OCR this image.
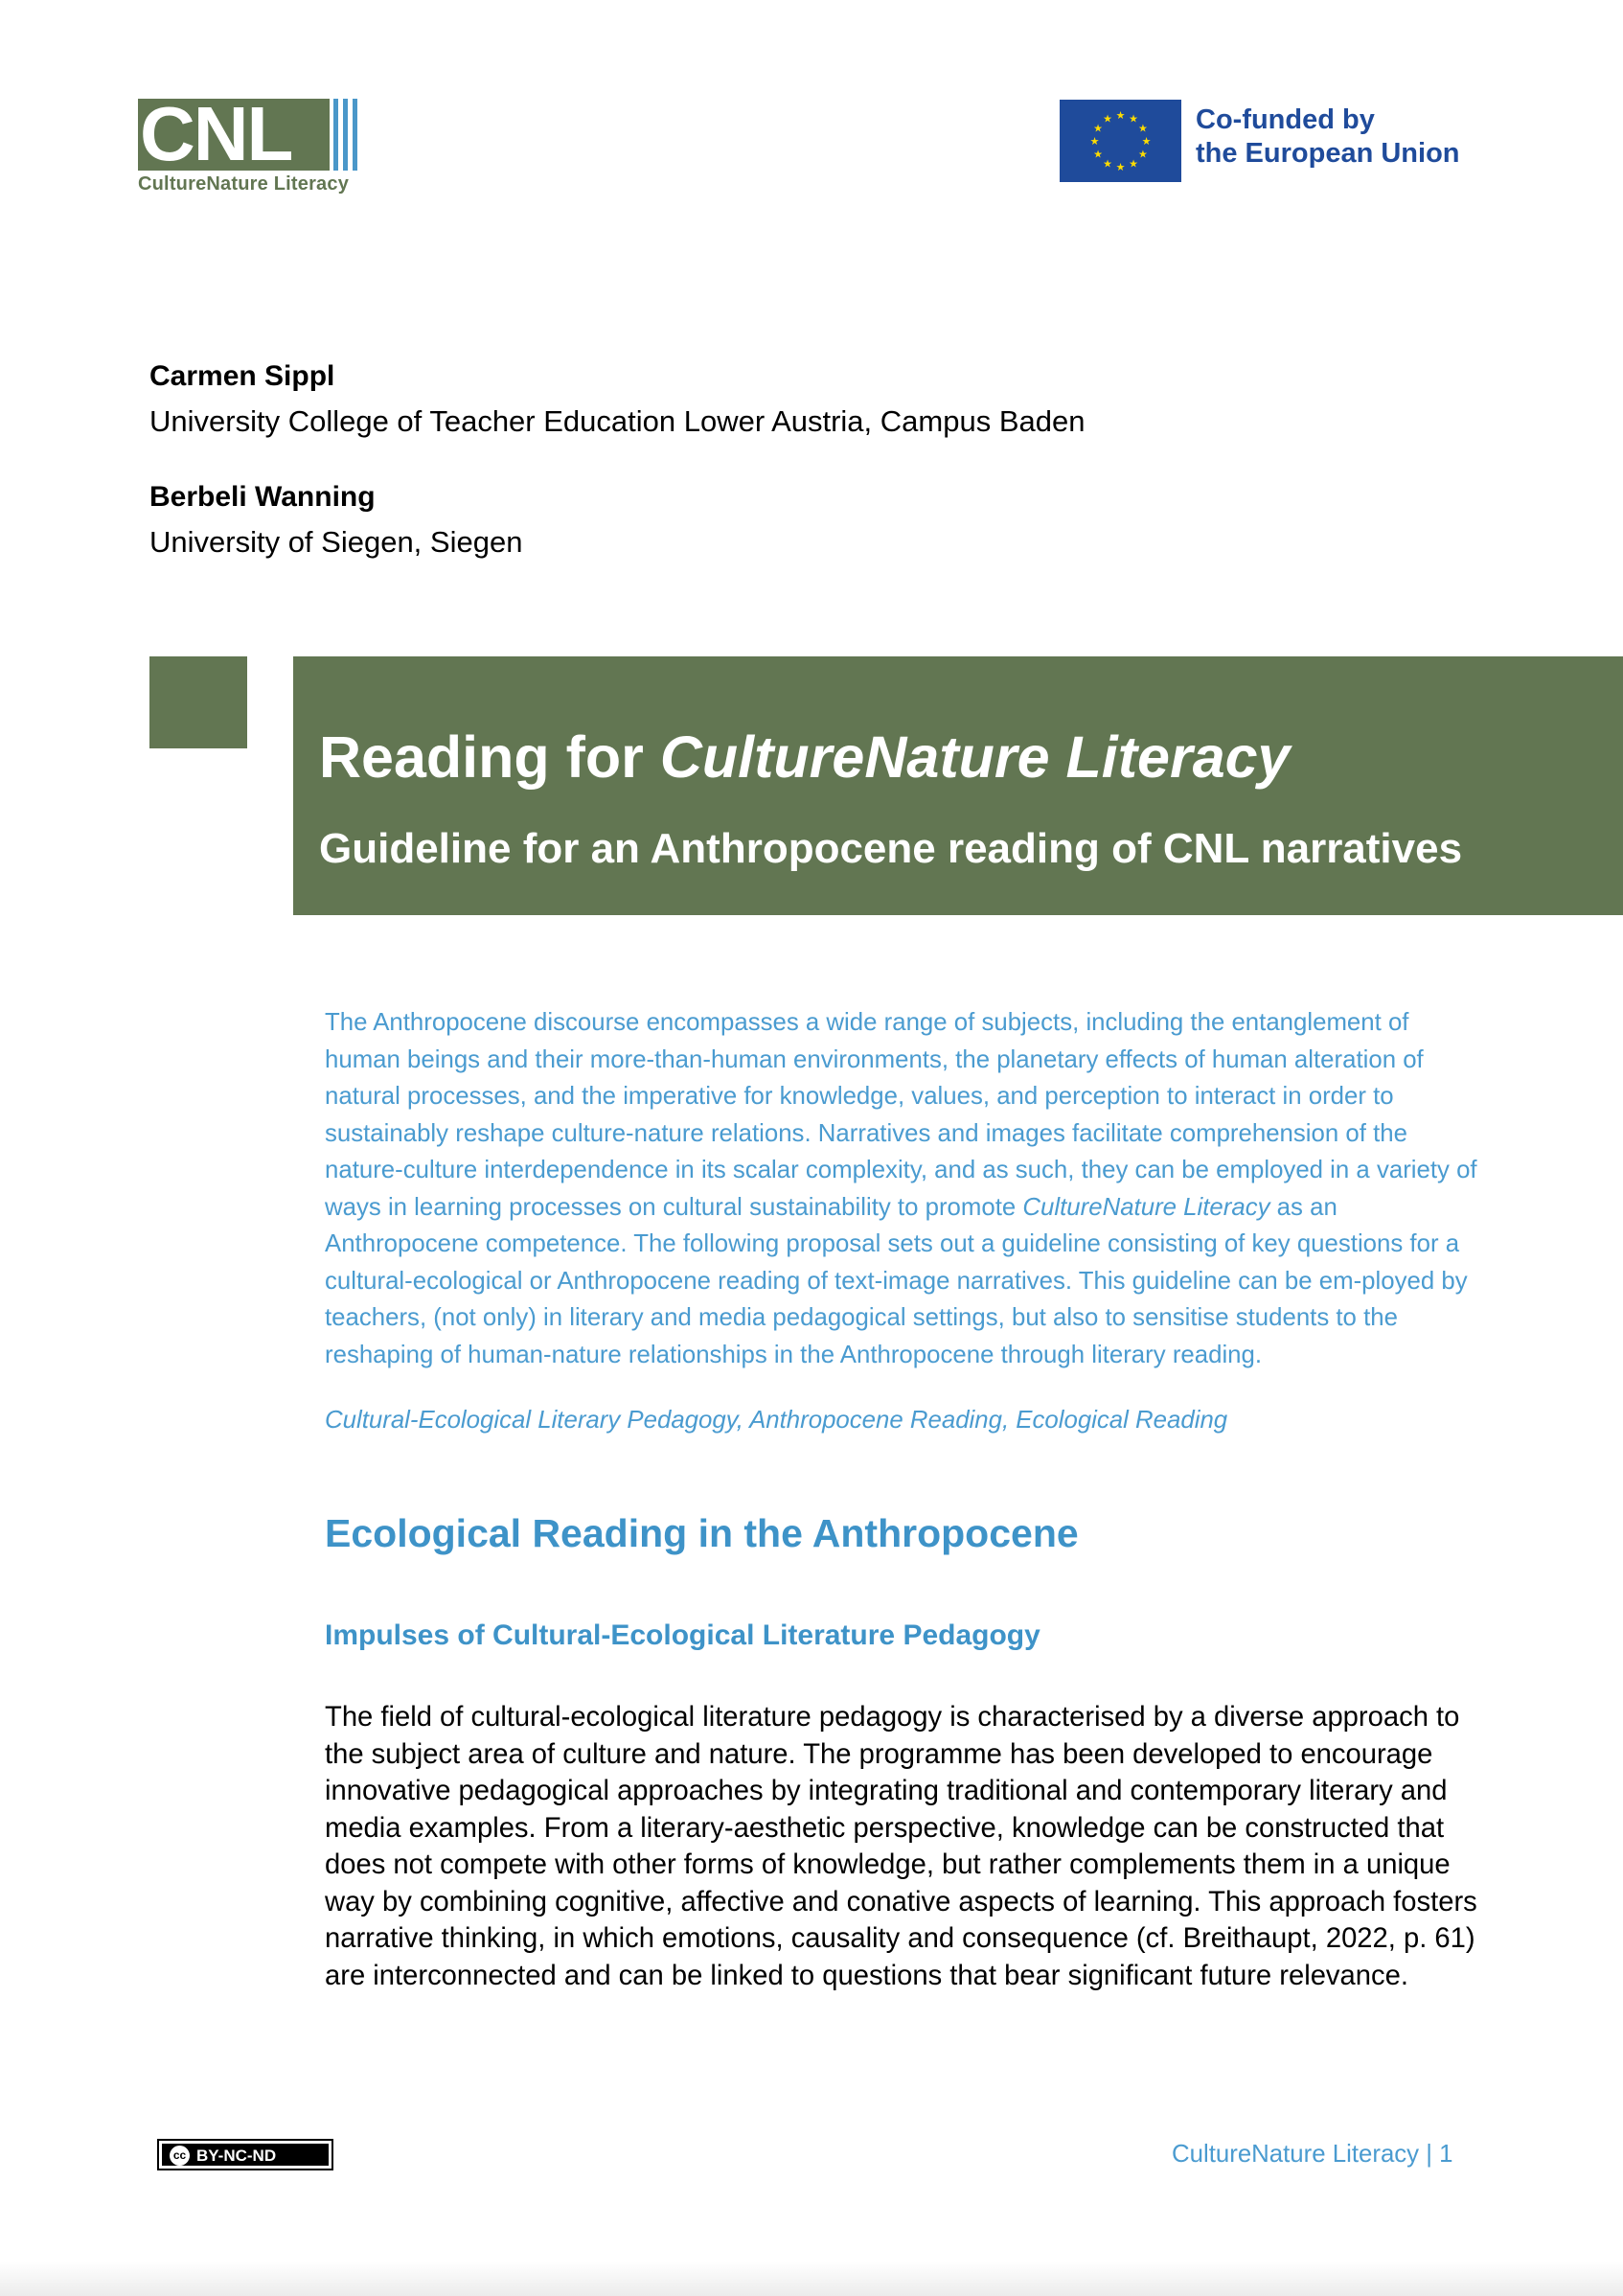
CNL
CultureNature Literacy
★ ★
★
★
★
★
★
★
★
★
★
★	Co-funded by
the European Union
Carmen Sippl
University College of Teacher Education Lower Austria, Campus Baden
Berbeli Wanning
University of Siegen, Siegen
Reading for CultureNature Literacy
Guideline for an Anthropocene reading of CNL narratives

The Anthropocene discourse encompasses a wide range of subjects, including the entanglement of human beings and their more-than-human environments, the planetary effects of human alteration of natural processes, and the imperative for knowledge, values, and perception to interact in order to sustainably reshape culture-nature relations. Narratives and images facilitate comprehension of the nature-culture interdependence in its scalar complexity, and as such, they can be employed in a variety of ways in learning processes on cultural sustainability to promote CultureNature Literacy as an Anthropocene competence. The following proposal sets out a guideline consisting of key questions for a cultural-ecological or Anthropocene reading of text-image narratives. This guideline can be em-ployed by teachers, (not only) in literary and media pedagogical settings, but also to sensitise students to the reshaping of human-nature relationships in the Anthropocene through literary reading.

Cultural-Ecological Literary Pedagogy, Anthropocene Reading, Ecological Reading
Ecological Reading in the Anthropocene
Impulses of Cultural-Ecological Literature Pedagogy

The field of cultural-ecological literature pedagogy is characterised by a diverse approach to the subject area of culture and nature. The programme has been developed to encourage innovative pedagogical approaches by integrating traditional and contemporary literary and media examples. From a literary-aesthetic perspective, knowledge can be constructed that does not compete with other forms of knowledge, but rather complements them in a unique way by combining cognitive, affective and conative aspects of learning. This approach fosters narrative thinking, in which emotions, causality and consequence (cf. Breithaupt, 2022, p. 61) are interconnected and can be linked to questions that bear significant future relevance.

cc BY-NC-ND	CultureNature Literacy | 1
